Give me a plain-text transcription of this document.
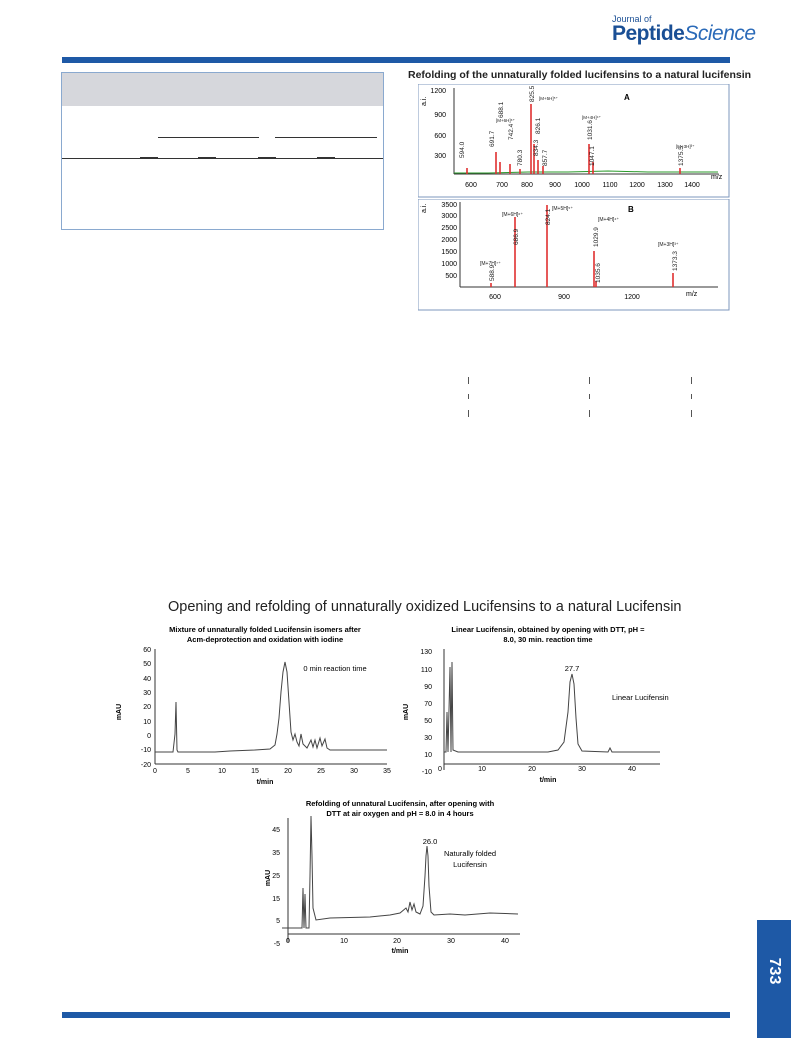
Journal of
PeptideScience
Refolding of the unnaturally folded lucifensins to a natural lucifensin
a.i.	A
1200
900
600
300
600	700 800 900 1000 1100 1200 1300 1400
m/z
594.0
691.7
688.1
742.4
780.3
825.5
826.1
834.3
857.7
1031.6
1047.1	1375.5
[M+6H]⁶⁺
[M+5H]⁵⁺
[M+4H]⁴⁺
[M+3H]³⁺
a.i.	B
3500
3000
2500
2000
1500
1000
500
600	900	1200	m/z
588.9
686.9
824.1
1029.9
1035.6
1373.3
[M+7H]⁷⁺
[M+6H]⁶⁺
[M+5H]⁵⁺
[M+4H]⁴⁺
[M+3H]³⁺
Opening and refolding of unnaturally oxidized Lucifensins to a natural Lucifensin
Mixture of unnaturally folded Lucifensin isomers after
Acm-deprotection and oxidation with iodine
0 min reaction time
mAU
60
50
40
30
20
10
0
-10
-20
0	5	10	15	20	25	30	35
t/min
Linear Lucifensin, obtained by opening with DTT, pH =
8.0, 30 min. reaction time
27.7
Linear Lucifensin
mAU
130
110
90
70
50
30
10
-10 0	10	20	30	40
t/min
Refolding of unnatural Lucifensin, after opening with
DTT at air oxygen and pH = 8.0 in 4 hours
26.0
Naturally folded
Lucifensin
mAU
45
35
25
15
5
-5 0	10	20	30	40
t/min
733
